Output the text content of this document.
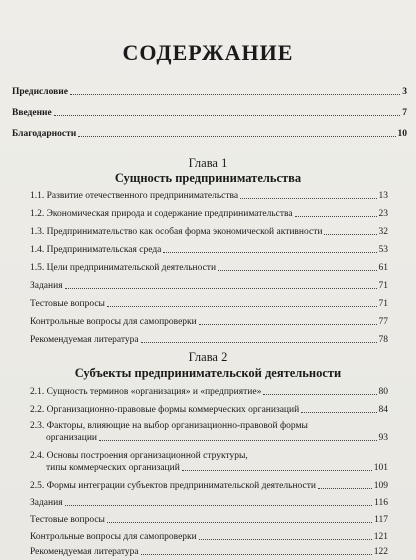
СОДЕРЖАНИЕ
Предисловие	3
Введение	7
Благодарности	10
Глава 1
Сущность предпринимательства
1.1. Развитие отечественного предпринимательства	13
1.2. Экономическая природа и содержание предпринимательства	23
1.3. Предпринимательство как особая форма экономической активности	32
1.4. Предпринимательская среда	53
1.5. Цели предпринимательской деятельности	61
Задания	71
Тестовые вопросы	71
Контрольные вопросы для самопроверки	77
Рекомендуемая литература	78
Глава 2
Субъекты предпринимательской деятельности
2.1. Сущность терминов «организация» и «предприятие»	80
2.2. Организационно-правовые формы коммерческих организаций	84
2.3. Факторы, влияющие на выбор организационно-правовой формы
организации	93
2.4. Основы построения организационной структуры,
типы коммерческих организаций	101
2.5. Формы интеграции субъектов предпринимательской деятельности	109
Задания	116
Тестовые вопросы	117
Контрольные вопросы для самопроверки	121
Рекомендуемая литература	122
